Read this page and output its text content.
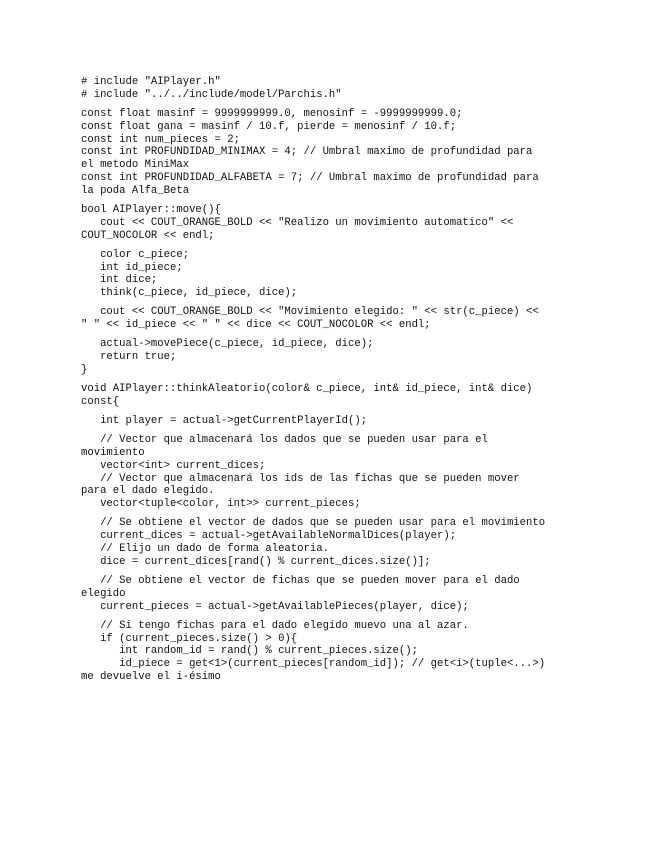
# include "AIPlayer.h"
# include "../../include/model/Parchis.h"
const float masinf = 9999999999.0, menosinf = -9999999999.0;
const float gana = masinf / 10.f, pierde = menosinf / 10.f;
const int num_pieces = 2;
const int PROFUNDIDAD_MINIMAX = 4; // Umbral maximo de profundidad para
el metodo MiniMax
const int PROFUNDIDAD_ALFABETA = 7; // Umbral maximo de profundidad para
la poda Alfa_Beta
bool AIPlayer::move(){
cout << COUT_ORANGE_BOLD << "Realizo un movimiento automatico" <<
COUT_NOCOLOR << endl;
color c_piece;
int id_piece;
int dice;
think(c_piece, id_piece, dice);
cout << COUT_ORANGE_BOLD << "Movimiento elegido: " << str(c_piece) <<
" " << id_piece << " " << dice << COUT_NOCOLOR << endl;
actual->movePiece(c_piece, id_piece, dice);
return true;
}
void AIPlayer::thinkAleatorio(color& c_piece, int& id_piece, int& dice)
const{
int player = actual->getCurrentPlayerId();
// Vector que almacenará los dados que se pueden usar para el
movimiento
vector<int> current_dices;
// Vector que almacenará los ids de las fichas que se pueden mover
para el dado elegido.
vector<tuple<color, int>> current_pieces;
// Se obtiene el vector de dados que se pueden usar para el movimiento
current_dices = actual->getAvailableNormalDices(player);
// Elijo un dado de forma aleatoria.
dice = current_dices[rand() % current_dices.size()];
// Se obtiene el vector de fichas que se pueden mover para el dado
elegido
current_pieces = actual->getAvailablePieces(player, dice);
// Si tengo fichas para el dado elegido muevo una al azar.
if (current_pieces.size() > 0){
int random_id = rand() % current_pieces.size();
id_piece = get<1>(current_pieces[random_id]); // get<i>(tuple<...>)
me devuelve el i-ésimo
